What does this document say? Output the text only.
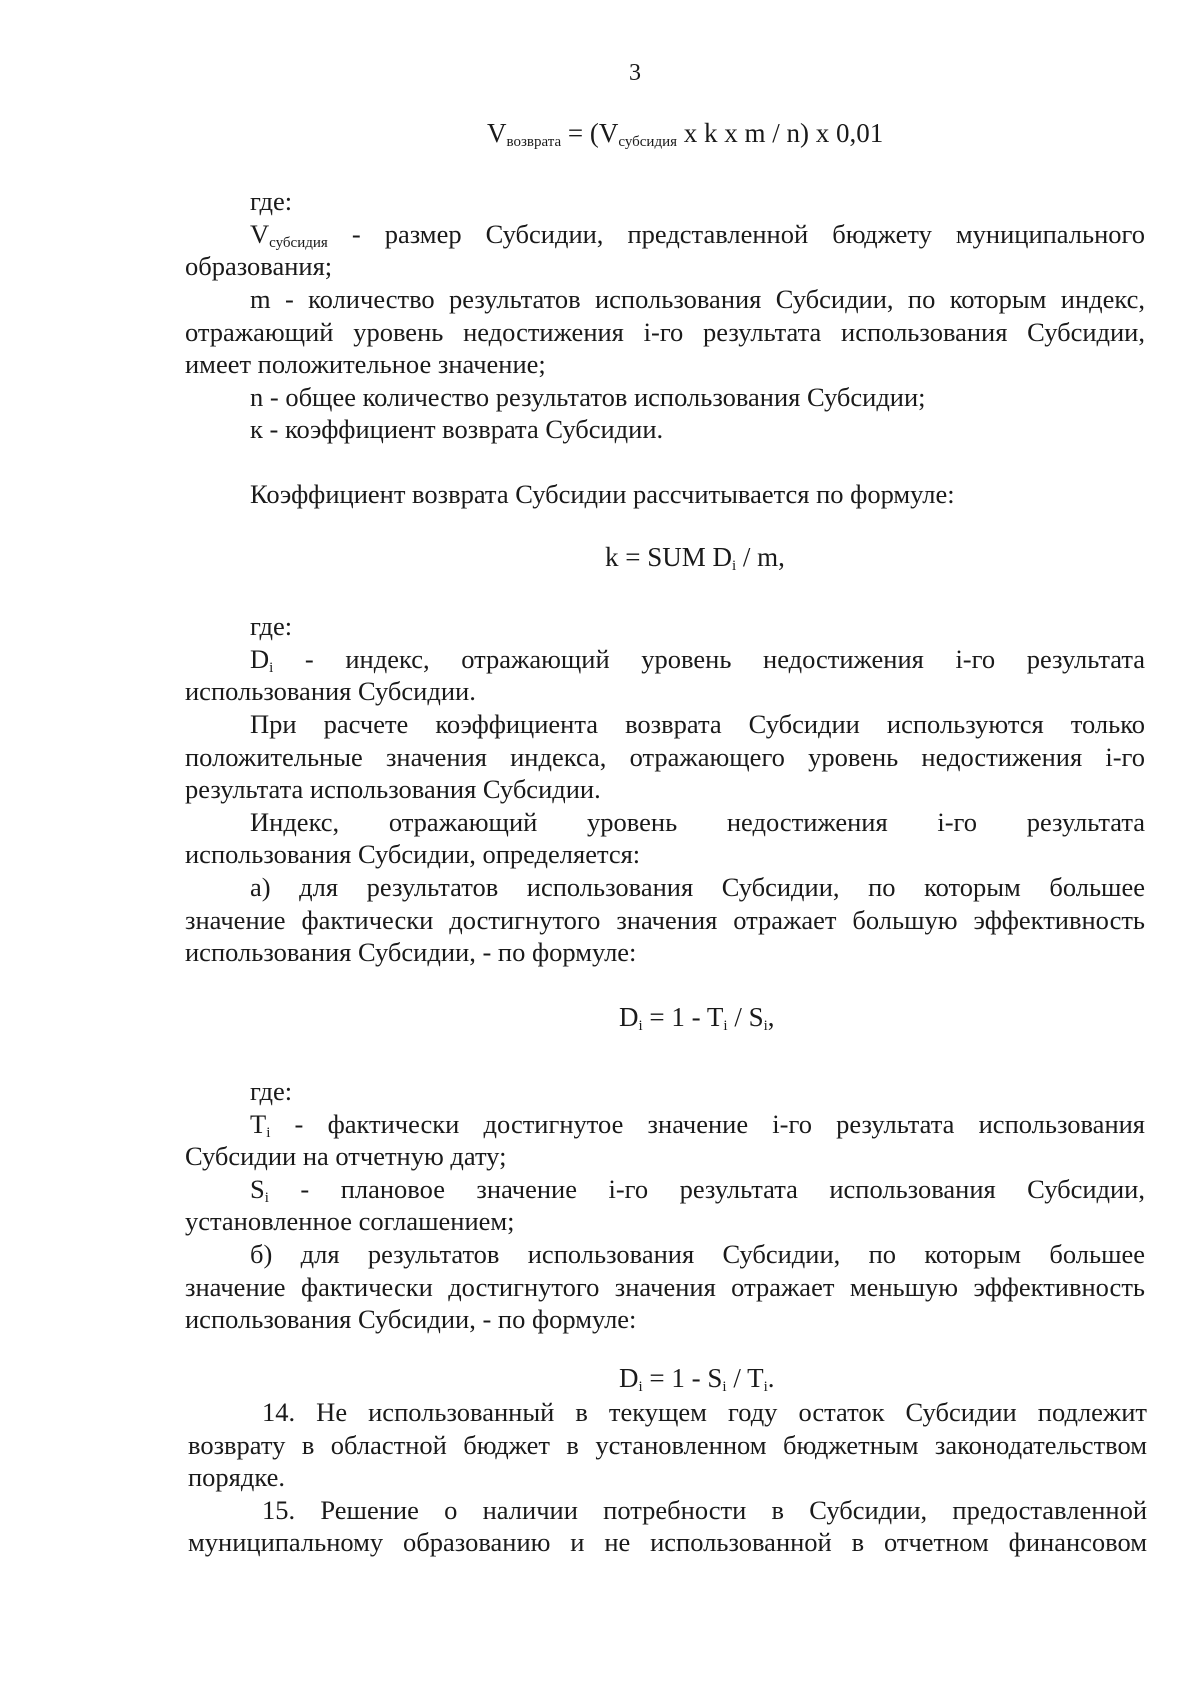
3
$V_{возврата} = (V_{субсидия}$ x k x m / n) x 0,01
где:
$V_{субсидия}$ - размер Субсидии, представленной бюджету муниципального
образования;
m - количество результатов использования Субсидии, по которым индекс,
отражающий уровень недостижения i-го результата использования Субсидии,
имеет положительное значение;
n - общее количество результатов использования Субсидии;
к - коэффициент возврата Субсидии.
Коэффициент возврата Субсидии рассчитывается по формуле:
k = SUM $D_i$ / m,
где:
$D_i$ - индекс, отражающий уровень недостижения i-го результата
использования Субсидии.
При расчете коэффициента возврата Субсидии используются только
положительные значения индекса, отражающего уровень недостижения i-го
результата использования Субсидии.
Индекс, отражающий уровень недостижения i-го результата
использования Субсидии, определяется:
а) для результатов использования Субсидии, по которым большее
значение фактически достигнутого значения отражает большую эффективность
использования Субсидии, - по формуле:
$D_i = 1 - T_i / S_i$,
где:
$T_i$ - фактически достигнутое значение i-го результата использования
Субсидии на отчетную дату;
$S_i$ - плановое значение i-го результата использования Субсидии,
установленное соглашением;
б) для результатов использования Субсидии, по которым большее
значение фактически достигнутого значения отражает меньшую эффективность
использования Субсидии, - по формуле:
$D_i = 1 - S_i / T_i$.
14. Не использованный в текущем году остаток Субсидии подлежит
возврату в областной бюджет в установленном бюджетным законодательством
порядке.
15. Решение о наличии потребности в Субсидии, предоставленной
муниципальному образованию и не использованной в отчетном финансовом
